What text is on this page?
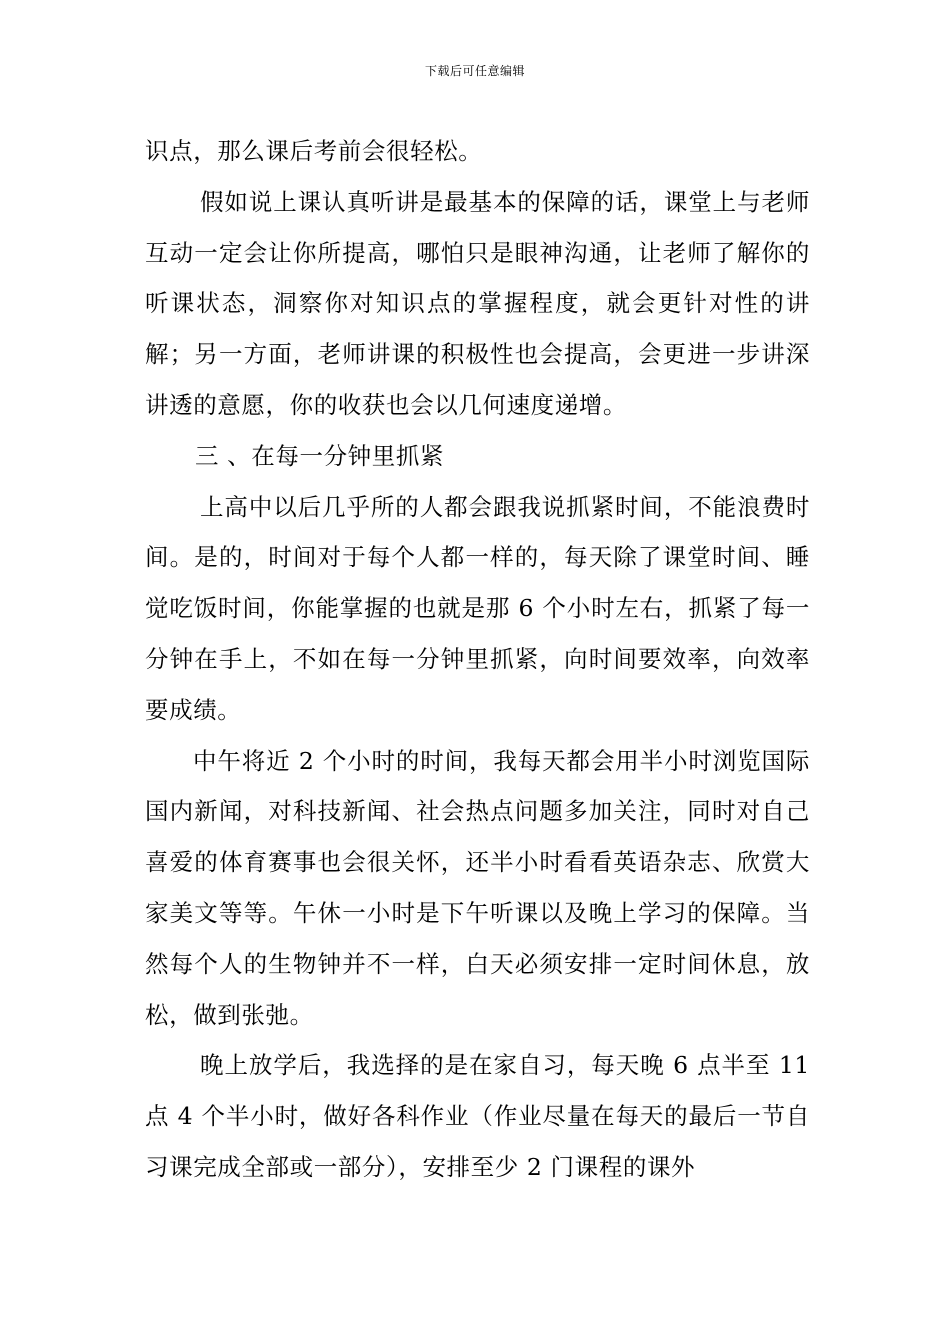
下载后可任意编辑

识点，那么课后考前会很轻松。

假如说上课认真听讲是最基本的保障的话，课堂上与老师互动一定会让你所提高，哪怕只是眼神沟通，让老师了解你的听课状态，洞察你对知识点的掌握程度，就会更针对性的讲解；另一方面，老师讲课的积极性也会提高，会更进一步讲深讲透的意愿，你的收获也会以几何速度递增。

三 、在每一分钟里抓紧

上高中以后几乎所的人都会跟我说抓紧时间，不能浪费时间。是的，时间对于每个人都一样的，每天除了课堂时间、睡觉吃饭时间，你能掌握的也就是那 6 个小时左右，抓紧了每一分钟在手上，不如在每一分钟里抓紧，向时间要效率，向效率要成绩。

中午将近 2 个小时的时间，我每天都会用半小时浏览国际国内新闻，对科技新闻、社会热点问题多加关注，同时对自己喜爱的体育赛事也会很关怀，还半小时看看英语杂志、欣赏大家美文等等。午休一小时是下午听课以及晚上学习的保障。当然每个人的生物钟并不一样，白天必须安排一定时间休息，放松，做到张弛。

晚上放学后，我选择的是在家自习，每天晚 6 点半至 11 点 4 个半小时，做好各科作业（作业尽量在每天的最后一节自习课完成全部或一部分），安排至少 2 门课程的课外
